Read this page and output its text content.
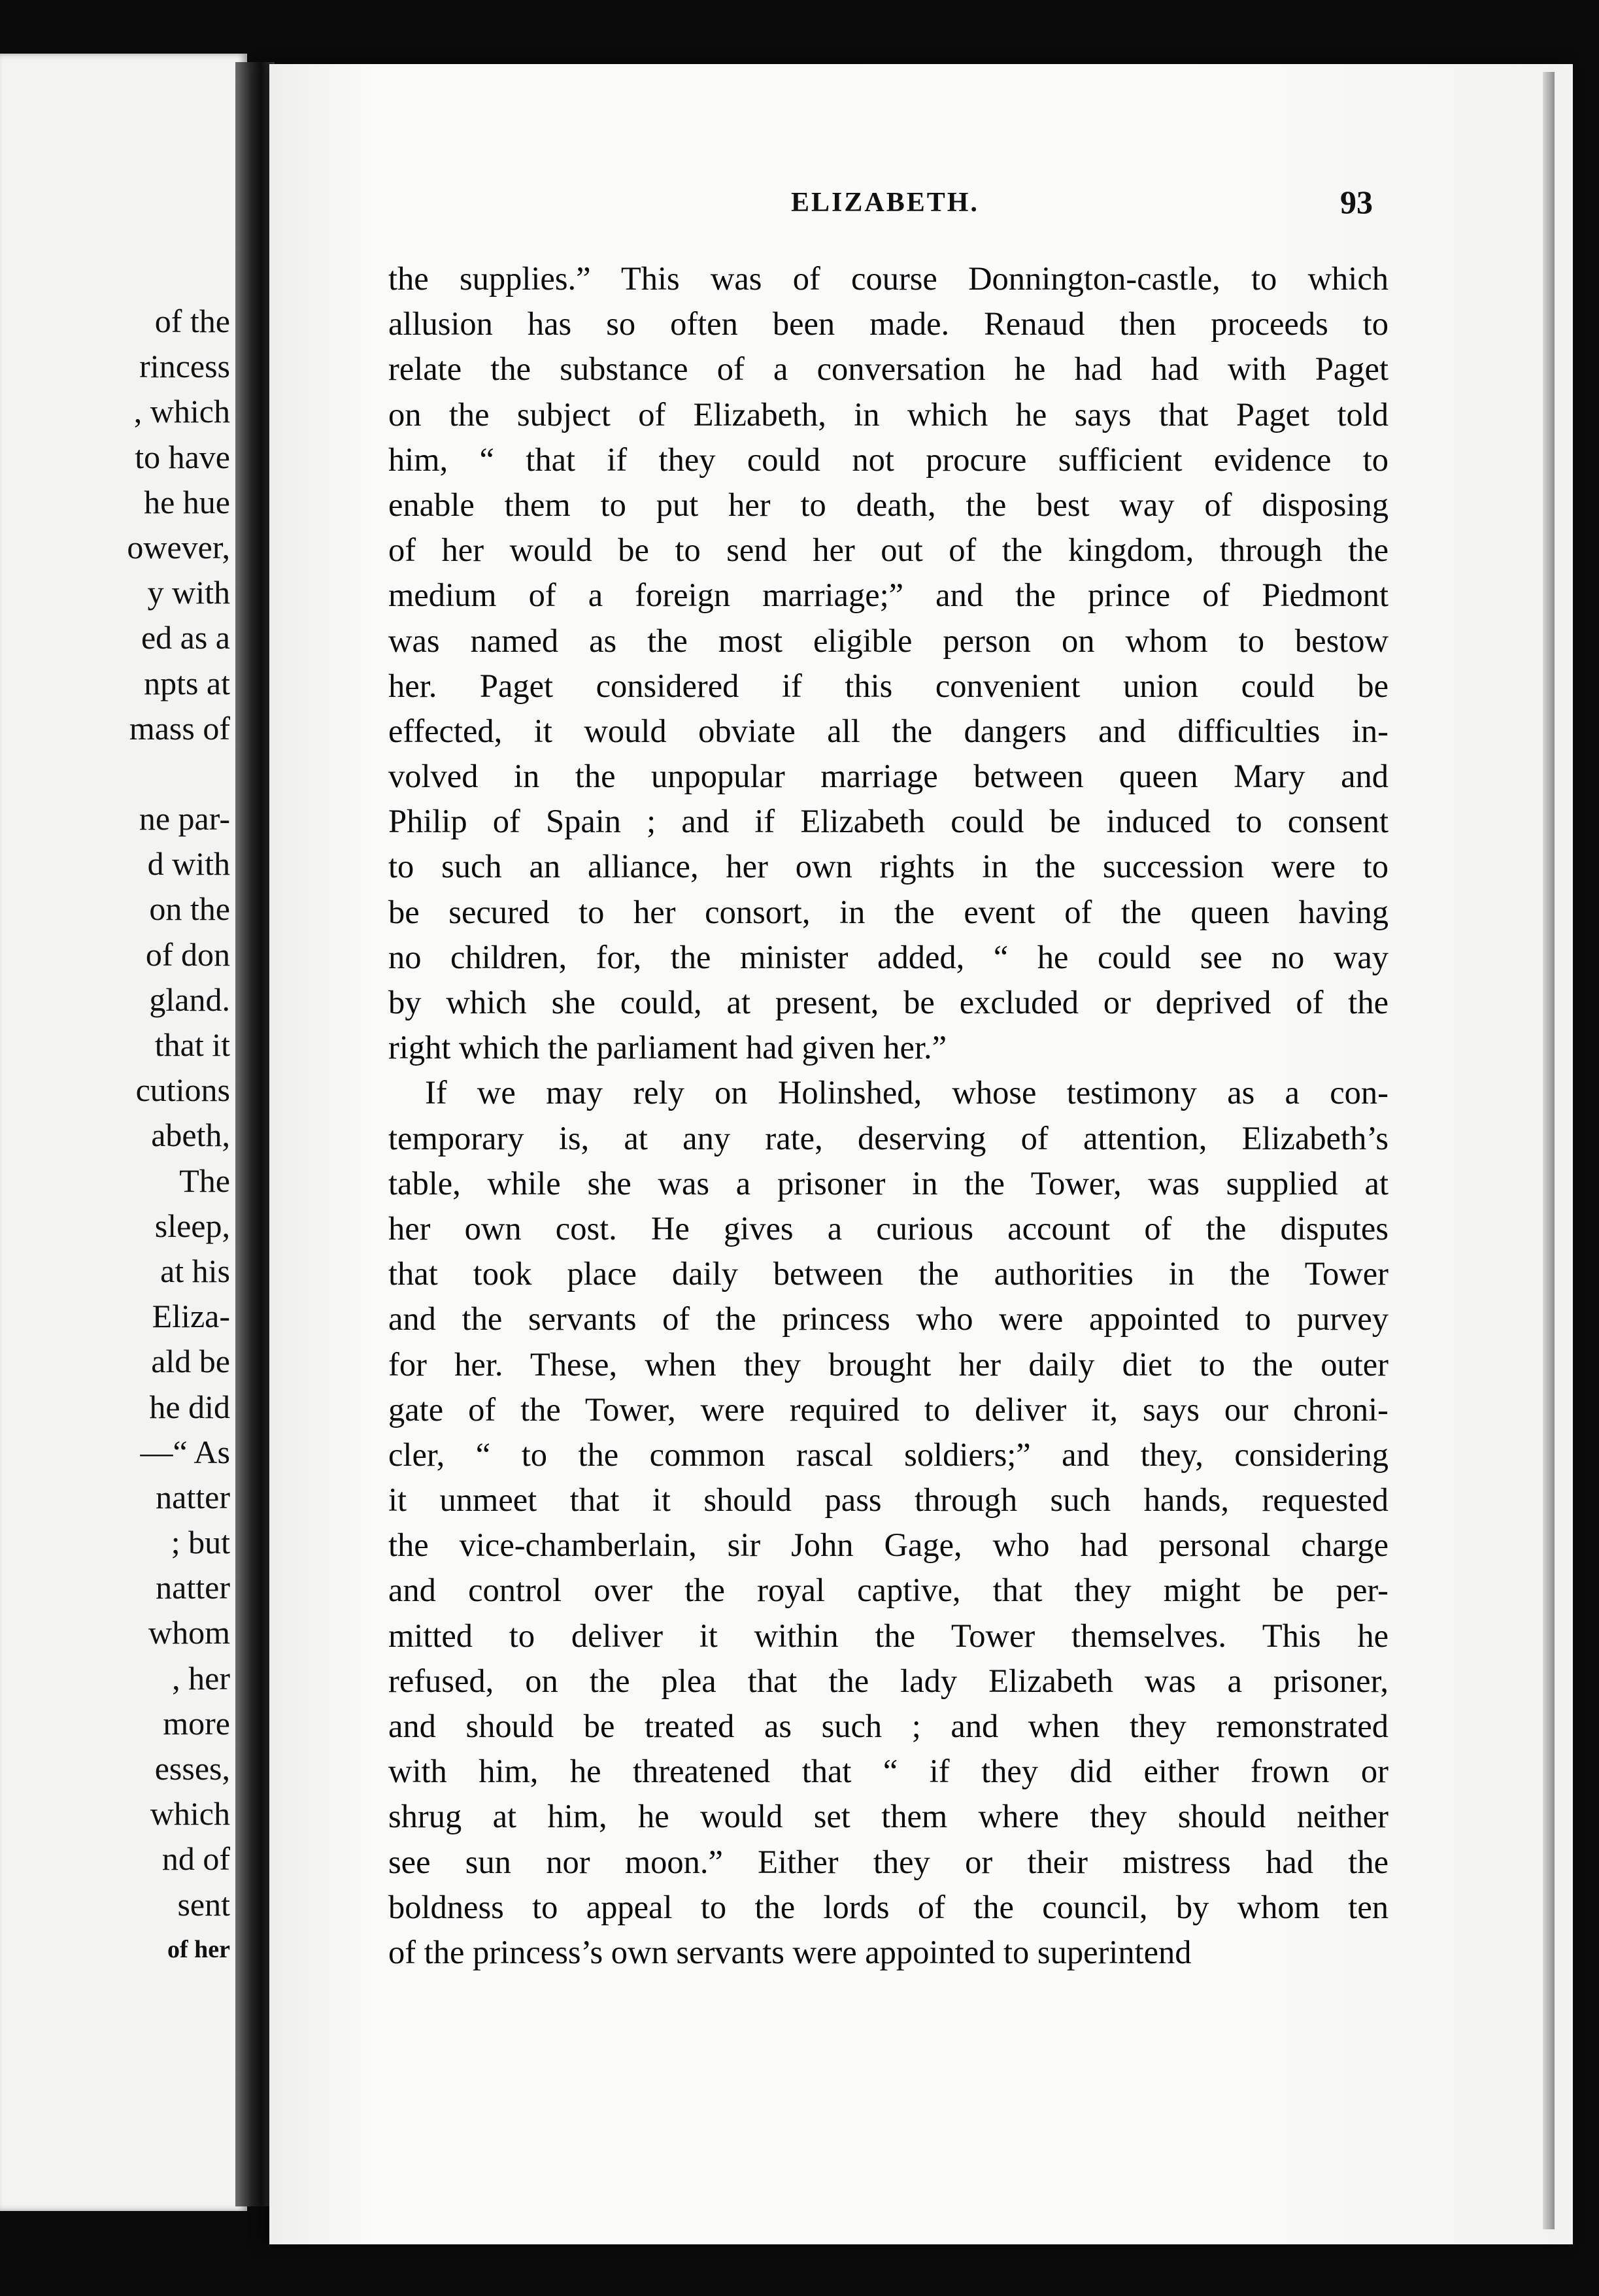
of the
rincess
, which
to have
he hue
owever,
y with
ed as a
npts at
mass of
ne par-
d with
on the
of don
gland.
that it
cutions
abeth,
The
sleep,
at his
Eliza-
ald be
he did
—“ As
natter
; but
natter
whom
, her
more
esses,
which
nd of
sent
of her
ELIZABETH.	93
the supplies.” This was of course Donnington-castle, to which
allusion has so often been made. Renaud then proceeds to
relate the substance of a conversation he had had with Paget
on the subject of Elizabeth, in which he says that Paget told
him, “ that if they could not procure sufficient evidence to
enable them to put her to death, the best way of disposing
of her would be to send her out of the kingdom, through the
medium of a foreign marriage;” and the prince of Piedmont
was named as the most eligible person on whom to bestow
her. Paget considered if this convenient union could be
effected, it would obviate all the dangers and difficulties in-
volved in the unpopular marriage between queen Mary and
Philip of Spain ; and if Elizabeth could be induced to consent
to such an alliance, her own rights in the succession were to
be secured to her consort, in the event of the queen having
no children, for, the minister added, “ he could see no way
by which she could, at present, be excluded or deprived of the
right which the parliament had given her.”
If we may rely on Holinshed, whose testimony as a con-
temporary is, at any rate, deserving of attention, Elizabeth’s
table, while she was a prisoner in the Tower, was supplied at
her own cost. He gives a curious account of the disputes
that took place daily between the authorities in the Tower
and the servants of the princess who were appointed to purvey
for her. These, when they brought her daily diet to the outer
gate of the Tower, were required to deliver it, says our chroni-
cler, “ to the common rascal soldiers;” and they, considering
it unmeet that it should pass through such hands, requested
the vice-chamberlain, sir John Gage, who had personal charge
and control over the royal captive, that they might be per-
mitted to deliver it within the Tower themselves. This he
refused, on the plea that the lady Elizabeth was a prisoner,
and should be treated as such ; and when they remonstrated
with him, he threatened that “ if they did either frown or
shrug at him, he would set them where they should neither
see sun nor moon.” Either they or their mistress had the
boldness to appeal to the lords of the council, by whom ten
of the princess’s own servants were appointed to superintend
